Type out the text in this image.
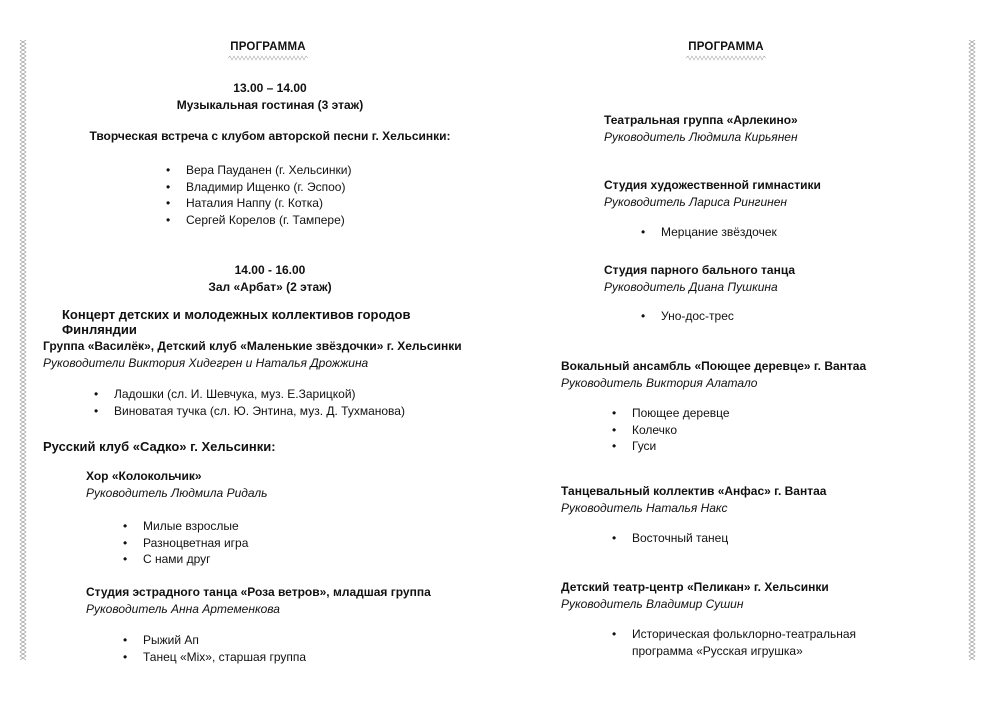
ПРОГРАММА
13.00 – 14.00
Музыкальная гостиная (3 этаж)
Творческая встреча с клубом авторской песни г. Хельсинки:
• Вера Пауданен (г. Хельсинки)
• Владимир Ищенко (г. Эспоо)
• Наталия Наппу (г. Котка)
• Сергей Корелов (г. Тампере)
14.00 - 16.00
Зал «Арбат» (2 этаж)
Концерт детских и молодежных коллективов городов Финляндии
Группа «Василёк», Детский клуб «Маленькие звёздочки» г. Хельсинки
Руководители Виктория Хидегрен и Наталья Дрожжина
• Ладошки (сл. И. Шевчука, муз. Е.Зарицкой)
• Виноватая тучка (сл. Ю. Энтина, муз. Д. Тухманова)
Русский клуб «Садко» г. Хельсинки:
Хор «Колокольчик»
Руководитель Людмила Ридаль
• Милые взрослые
• Разноцветная игра
• С нами друг
Студия эстрадного танца «Роза ветров», младшая группа
Руководитель Анна Артеменкова
• Рыжий Ап
• Танец «Mix», старшая группа
ПРОГРАММА
Театральная группа «Арлекино»
Руководитель Людмила Кирьянен
Студия художественной гимнастики
Руководитель Лариса Рингинен
• Мерцание звёздочек
Студия парного бального танца
Руководитель Диана Пушкина
• Уно-дос-трес
Вокальный ансамбль «Поющее деревце» г. Вантаа
Руководитель Виктория Алатало
• Поющее деревце
• Колечко
• Гуси
Танцевальный коллектив «Анфас» г. Вантаа
Руководитель Наталья Накс
• Восточный танец
Детский театр-центр «Пеликан» г. Хельсинки
Руководитель Владимир Сушин
• Историческая фольклорно-театральная
программа «Русская игрушка»
